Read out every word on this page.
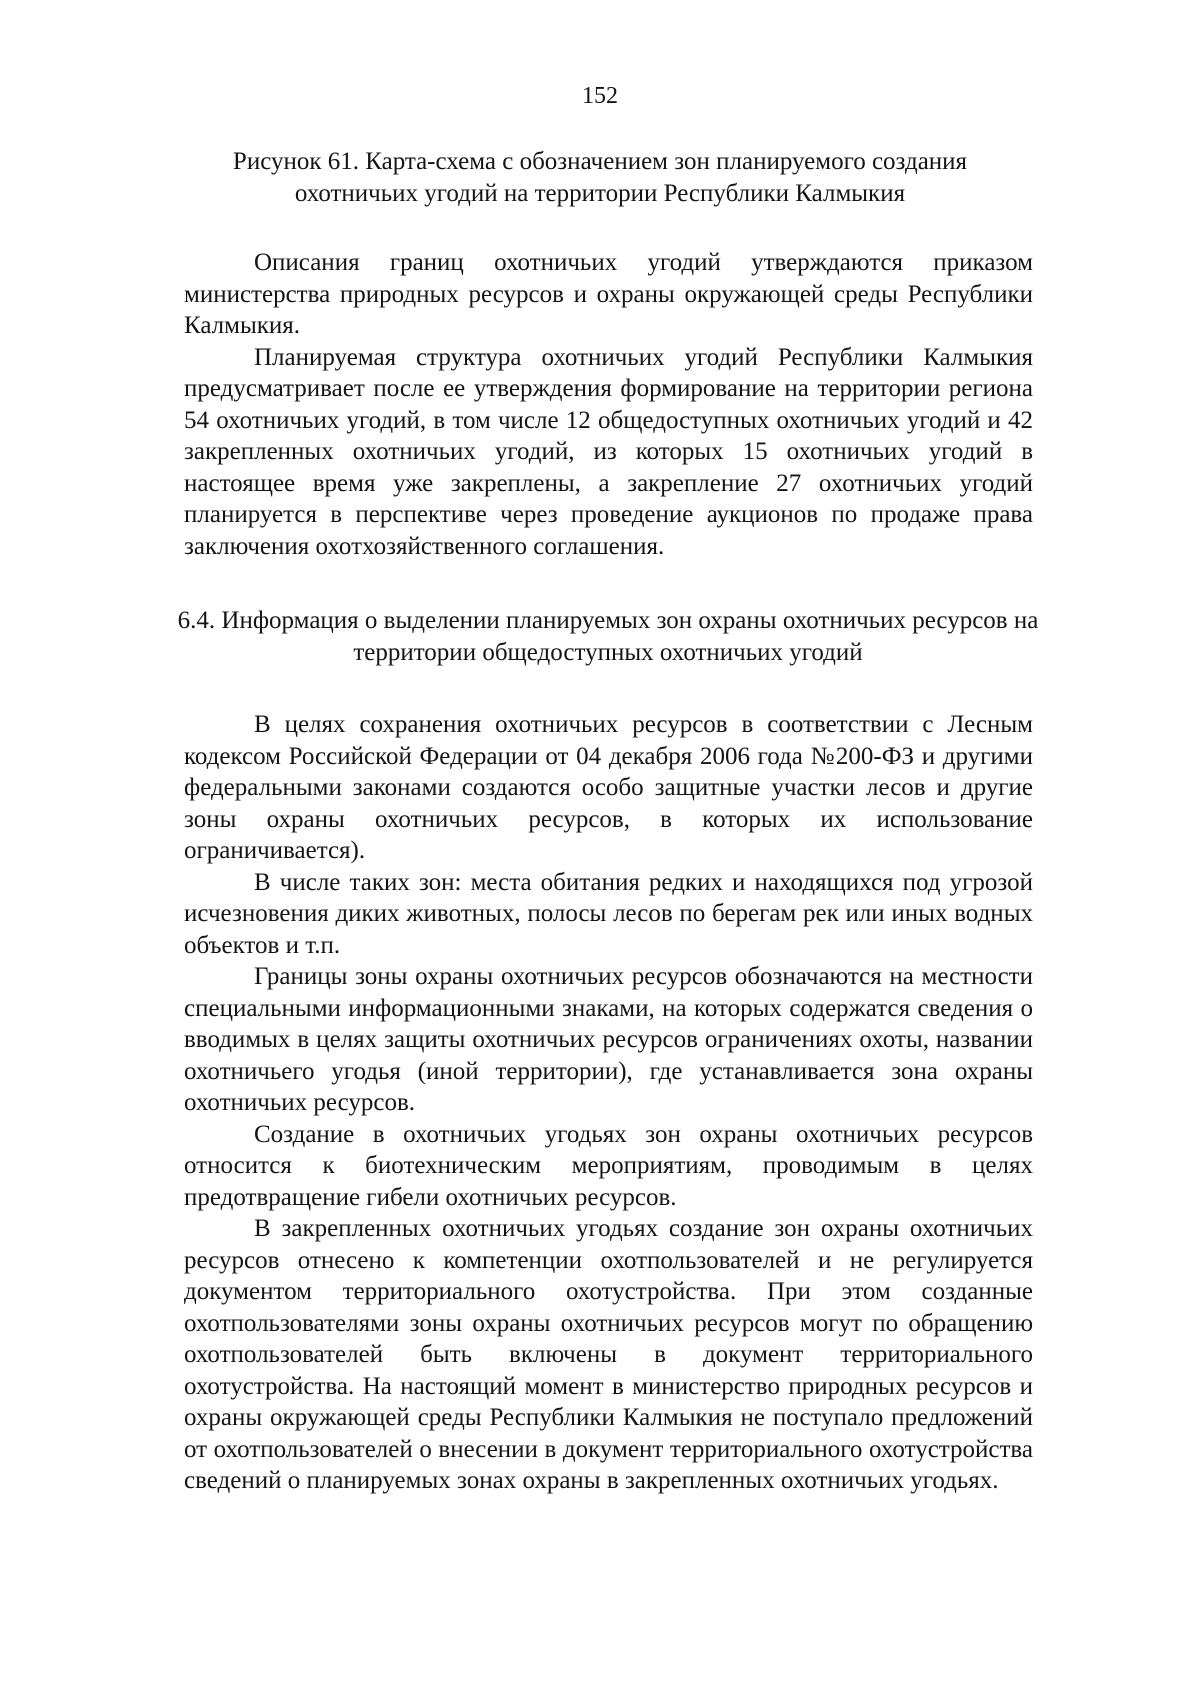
152
Рисунок 61. Карта-схема с обозначением зон планируемого создания охотничьих угодий на территории Республики Калмыкия

Описания границ охотничьих угодий утверждаются приказом министерства природных ресурсов и охраны окружающей среды Республики Калмыкия.

Планируемая структура охотничьих угодий Республики Калмыкия предусматривает после ее утверждения формирование на территории региона 54 охотничьих угодий, в том числе 12 общедоступных охотничьих угодий и 42 закрепленных охотничьих угодий, из которых 15 охотничьих угодий в настоящее время уже закреплены, а закрепление 27 охотничьих угодий планируется в перспективе через проведение аукционов по продаже права заключения охотхозяйственного соглашения.

6.4. Информация о выделении планируемых зон охраны охотничьих ресурсов на территории общедоступных охотничьих угодий

В целях сохранения охотничьих ресурсов в соответствии с Лесным кодексом Российской Федерации от 04 декабря 2006 года №200-ФЗ и другими федеральными законами создаются особо защитные участки лесов и другие зоны охраны охотничьих ресурсов, в которых их использование ограничивается).

В числе таких зон: места обитания редких и находящихся под угрозой исчезновения диких животных, полосы лесов по берегам рек или иных водных объектов и т.п.

Границы зоны охраны охотничьих ресурсов обозначаются на местности специальными информационными знаками, на которых содержатся сведения о вводимых в целях защиты охотничьих ресурсов ограничениях охоты, названии охотничьего угодья (иной территории), где устанавливается зона охраны охотничьих ресурсов.

Создание в охотничьих угодьях зон охраны охотничьих ресурсов относится к биотехническим мероприятиям, проводимым в целях предотвращение гибели охотничьих ресурсов.

В закрепленных охотничьих угодьях создание зон охраны охотничьих ресурсов отнесено к компетенции охотпользователей и не регулируется документом территориального охотустройства. При этом созданные охотпользователями зоны охраны охотничьих ресурсов могут по обращению охотпользователей быть включены в документ территориального охотустройства. На настоящий момент в министерство природных ресурсов и охраны окружающей среды Республики Калмыкия не поступало предложений от охотпользователей о внесении в документ территориального охотустройства сведений о планируемых зонах охраны в закрепленных охотничьих угодьях.
